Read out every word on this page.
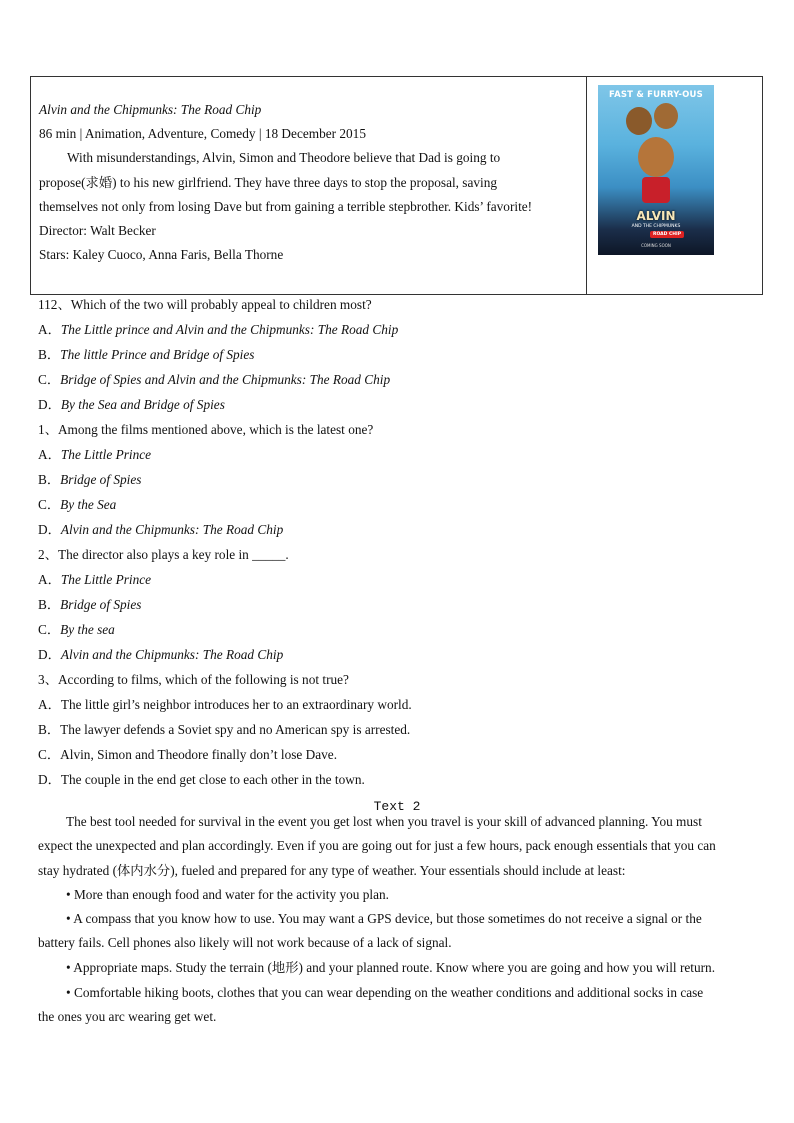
Alvin and the Chipmunks: The Road Chip
86 min | Animation, Adventure, Comedy | 18 December 2015
With misunderstandings, Alvin, Simon and Theodore believe that Dad is going to
propose(求婚) to his new girlfriend. They have three days to stop the proposal, saving
themselves not only from losing Dave but from gaining a terrible stepbrother. Kids’ favorite!
Director: Walt Becker
Stars: Kaley Cuoco, Anna Faris, Bella Thorne
FAST & FURRY-OUS
ALVIN
AND THE CHIPMUNKS
ROAD CHIP
COMING SOON
112、Which of the two will probably appeal to children most?
A．The Little prince and Alvin and the Chipmunks: The Road Chip
B．The little Prince and Bridge of Spies
C．Bridge of Spies and Alvin and the Chipmunks: The Road Chip
D．By the Sea and Bridge of Spies
1、Among the films mentioned above, which is the latest one?
A．The Little Prince
B．Bridge of Spies
C．By the Sea
D．Alvin and the Chipmunks: The Road Chip
2、The director also plays a key role in _____.
A．The Little Prince
B．Bridge of Spies
C．By the sea
D．Alvin and the Chipmunks: The Road Chip
3、According to films, which of the following is not true?
A．The little girl’s neighbor introduces her to an extraordinary world.
B．The lawyer defends a Soviet spy and no American spy is arrested.
C．Alvin, Simon and Theodore finally don’t lose Dave.
D．The couple in the end get close to each other in the town.
Text 2
The best tool needed for survival in the event you get lost when you travel is your skill of advanced planning. You must
expect the unexpected and plan accordingly. Even if you are going out for just a few hours, pack enough essentials that you can
stay hydrated (体内水分), fueled and prepared for any type of weather. Your essentials should include at least:
• More than enough food and water for the activity you plan.
• A compass that you know how to use. You may want a GPS device, but those sometimes do not receive a signal or the
battery fails. Cell phones also likely will not work because of a lack of signal.
• Appropriate maps. Study the terrain (地形) and your planned route. Know where you are going and how you will return.
• Comfortable hiking boots, clothes that you can wear depending on the weather conditions and additional socks in case
the ones you arc wearing get wet.
